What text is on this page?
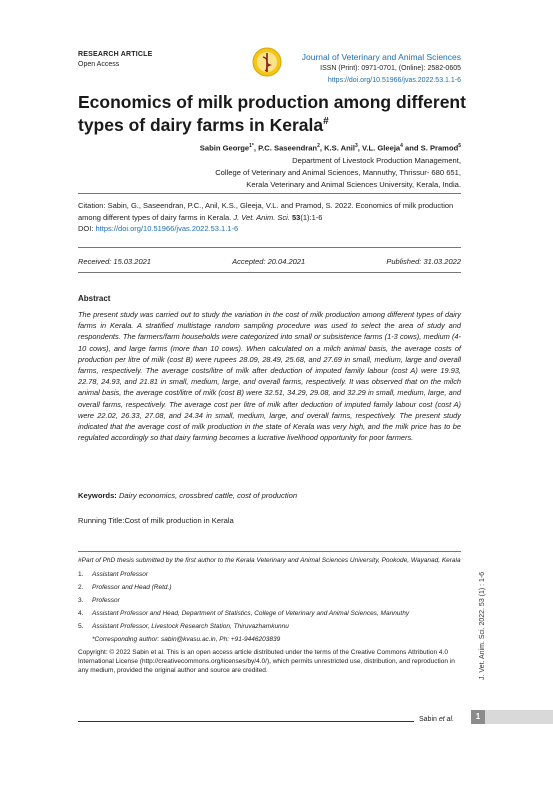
RESEARCH ARTICLE
Open Access
Journal of Veterinary and Animal Sciences
ISSN (Print): 0971-0701, (Online): 2582-0605
https://doi.org/10.51966/jvas.2022.53.1.1-6
Economics of milk production among different types of dairy farms in Kerala#
Sabin George$^{1*}$, P.C. Saseendran$^2$, K.S. Anil$^3$, V.L. Gleeja$^4$ and S. Pramod$^5$
Department of Livestock Production Management,
College of Veterinary and Animal Sciences, Mannuthy, Thrissur- 680 651,
Kerala Veterinary and Animal Sciences University, Kerala, India.
Citation: Sabin, G., Saseendran, P.C., Anil, K.S., Gleeja, V.L. and Pramod, S. 2022. Economics of milk production among different types of dairy farms in Kerala. J. Vet. Anim. Sci. 53(1):1-6
DOI: https://doi.org/10.51966/jvas.2022.53.1.1-6
Received: 15.03.2021	Accepted: 20.04.2021	Published: 31.03.2022
Abstract
The present study was carried out to study the variation in the cost of milk production among different types of dairy farms in Kerala. A stratified multistage random sampling procedure was used to select the area of study and respondents. The farmers/farm households were categorized into small or subsistence farms (1-3 cows), medium (4-10 cows), and large farms (more than 10 cows). When calculated on a milch animal basis, the average costs of production per litre of milk (cost B) were rupees 28.09, 28.49, 25.68, and 27.69 in small, medium, large and overall farms, respectively. The average costs/litre of milk after deduction of imputed family labour (cost A) were 19.93, 22.78, 24.93, and 21.81 in small, medium, large, and overall farms, respectively. It was observed that on the milch animal basis, the average cost/litre of milk (cost B) were 32.51, 34.29, 29.08, and 32.29 in small, medium, large, and overall farms, respectively. The average cost per litre of milk after deduction of imputed family labour cost (cost A) were 22.02, 26.33, 27.08, and 24.34 in small, medium, large, and overall farms, respectively. The present study indicated that the average cost of milk production in the state of Kerala was very high, and the milk price has to be regulated accordingly so that dairy farming becomes a lucrative livelihood opportunity for poor farmers.
Keywords: Dairy economics, crossbred cattle, cost of production
Running Title:Cost of milk production in Kerala
#Part of PhD thesis submitted by the first author to the Kerala Veterinary and Animal Sciences University, Pookode, Wayanad, Kerala
1.	Assistant Professor
2.	Professor and Head (Retd.)
3.	Professor
4.	Assistant Professor and Head, Department of Statistics, College of Veterinary and Animal Sciences, Mannuthy
5.	Assistant Professor, Livestock Research Station, Thiruvazhamkunnu
*Corresponding author: sabin@kvasu.ac.in, Ph: +91-9446203839
Copyright: © 2022 Sabin et al. This is an open access article distributed under the terms of the Creative Commons Attribution 4.0 International License (http://creativecommons.org/licenses/by/4.0/), which permits unrestricted use, distribution, and reproduction in any medium, provided the original author and source are credited.
Sabin et al.	1
J. Vet. Anim. Sci. 2022. 53 (1) : 1-6
